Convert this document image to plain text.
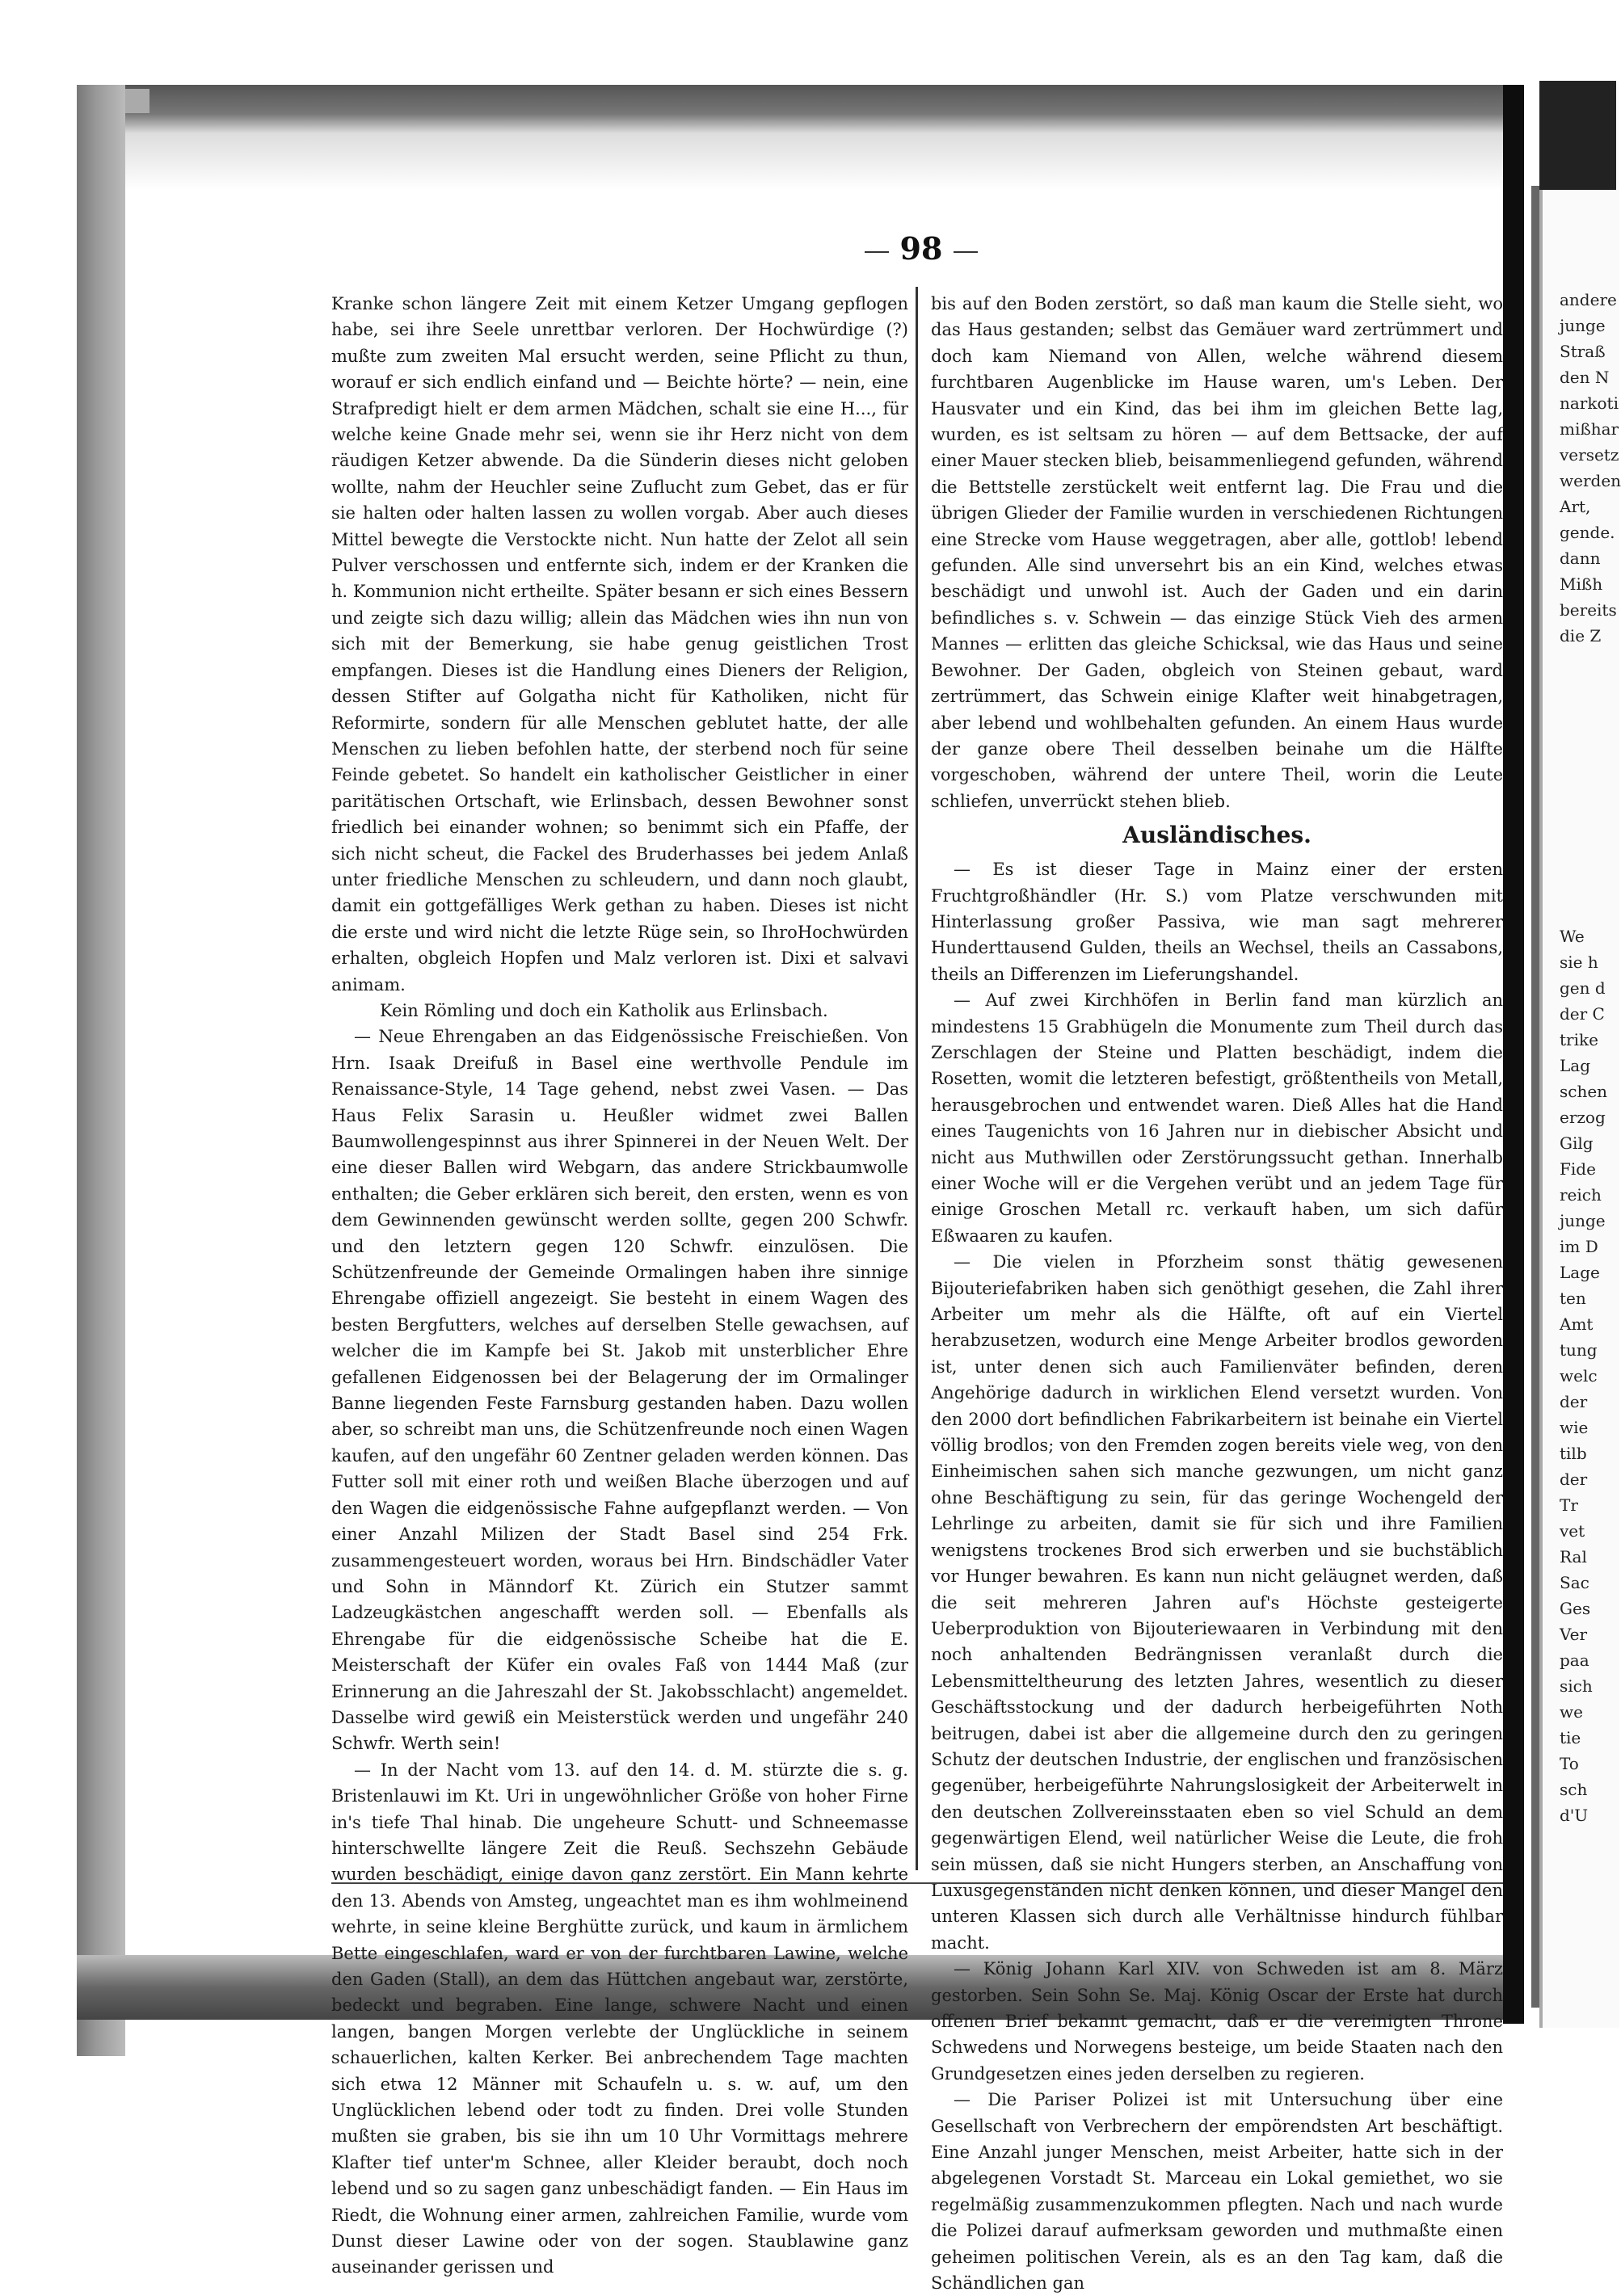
98

Kranke schon längere Zeit mit einem Ketzer Umgang gepflogen habe, sei ihre Seele unrettbar verloren. Der Hochwürdige (?) mußte zum zweiten Mal ersucht werden, seine Pflicht zu thun, worauf er sich endlich einfand und — Beichte hörte? — nein, eine Strafpredigt hielt er dem armen Mädchen, schalt sie eine H..., für welche keine Gnade mehr sei, wenn sie ihr Herz nicht von dem räudigen Ketzer abwende. Da die Sünderin dieses nicht geloben wollte, nahm der Heuchler seine Zuflucht zum Gebet, das er für sie halten oder halten lassen zu wollen vorgab. Aber auch dieses Mittel bewegte die Verstockte nicht. Nun hatte der Zelot all sein Pulver verschossen und entfernte sich, indem er der Kranken die h. Kommunion nicht ertheilte. Später besann er sich eines Bessern und zeigte sich dazu willig; allein das Mädchen wies ihn nun von sich mit der Bemerkung, sie habe genug geistlichen Trost empfangen. Dieses ist die Handlung eines Dieners der Religion, dessen Stifter auf Golgatha nicht für Katholiken, nicht für Reformirte, sondern für alle Menschen geblutet hatte, der alle Menschen zu lieben befohlen hatte, der sterbend noch für seine Feinde gebetet. So handelt ein katholischer Geistlicher in einer paritätischen Ortschaft, wie Erlinsbach, dessen Bewohner sonst friedlich bei einander wohnen; so benimmt sich ein Pfaffe, der sich nicht scheut, die Fackel des Bruderhasses bei jedem Anlaß unter friedliche Menschen zu schleudern, und dann noch glaubt, damit ein gottgefälliges Werk gethan zu haben. Dieses ist nicht die erste und wird nicht die letzte Rüge sein, so IhroHochwürden erhalten, obgleich Hopfen und Malz verloren ist. Dixi et salvavi animam.

Kein Römling und doch ein Katholik aus Erlinsbach.

— Neue Ehrengaben an das Eidgenössische Freischießen. Von Hrn. Isaak Dreifuß in Basel eine werthvolle Pendule im Renaissance-Style, 14 Tage gehend, nebst zwei Vasen. — Das Haus Felix Sarasin u. Heußler widmet zwei Ballen Baumwollengespinnst aus ihrer Spinnerei in der Neuen Welt. Der eine dieser Ballen wird Webgarn, das andere Strickbaumwolle enthalten; die Geber erklären sich bereit, den ersten, wenn es von dem Gewinnenden gewünscht werden sollte, gegen 200 Schwfr. und den letztern gegen 120 Schwfr. einzulösen. Die Schützenfreunde der Gemeinde Ormalingen haben ihre sinnige Ehrengabe offiziell angezeigt. Sie besteht in einem Wagen des besten Bergfutters, welches auf derselben Stelle gewachsen, auf welcher die im Kampfe bei St. Jakob mit unsterblicher Ehre gefallenen Eidgenossen bei der Belagerung der im Ormalinger Banne liegenden Feste Farnsburg gestanden haben. Dazu wollen aber, so schreibt man uns, die Schützenfreunde noch einen Wagen kaufen, auf den ungefähr 60 Zentner geladen werden können. Das Futter soll mit einer roth und weißen Blache überzogen und auf den Wagen die eidgenössische Fahne aufgepflanzt werden. — Von einer Anzahl Milizen der Stadt Basel sind 254 Frk. zusammengesteuert worden, woraus bei Hrn. Bindschädler Vater und Sohn in Männdorf Kt. Zürich ein Stutzer sammt Ladzeugkästchen angeschafft werden soll. — Ebenfalls als Ehrengabe für die eidgenössische Scheibe hat die E. Meisterschaft der Küfer ein ovales Faß von 1444 Maß (zur Erinnerung an die Jahreszahl der St. Jakobsschlacht) angemeldet. Dasselbe wird gewiß ein Meisterstück werden und ungefähr 240 Schwfr. Werth sein!

— In der Nacht vom 13. auf den 14. d. M. stürzte die s. g. Bristenlauwi im Kt. Uri in ungewöhnlicher Größe von hoher Firne in's tiefe Thal hinab. Die ungeheure Schutt- und Schneemasse hinterschwellte längere Zeit die Reuß. Sechszehn Gebäude wurden beschädigt, einige davon ganz zerstört. Ein Mann kehrte den 13. Abends von Amsteg, ungeachtet man es ihm wohlmeinend wehrte, in seine kleine Berghütte zurück, und kaum in ärmlichem Bette eingeschlafen, ward er von der furchtbaren Lawine, welche den Gaden (Stall), an dem das Hüttchen angebaut war, zerstörte, bedeckt und begraben. Eine lange, schwere Nacht und einen langen, bangen Morgen verlebte der Unglückliche in seinem schauerlichen, kalten Kerker. Bei anbrechendem Tage machten sich etwa 12 Männer mit Schaufeln u. s. w. auf, um den Unglücklichen lebend oder todt zu finden. Drei volle Stunden mußten sie graben, bis sie ihn um 10 Uhr Vormittags mehrere Klafter tief unter'm Schnee, aller Kleider beraubt, doch noch lebend und so zu sagen ganz unbeschädigt fanden. — Ein Haus im Riedt, die Wohnung einer armen, zahlreichen Familie, wurde vom Dunst dieser Lawine oder von der sogen. Staublawine ganz auseinander gerissen und

bis auf den Boden zerstört, so daß man kaum die Stelle sieht, wo das Haus gestanden; selbst das Gemäuer ward zertrümmert und doch kam Niemand von Allen, welche während diesem furchtbaren Augenblicke im Hause waren, um's Leben. Der Hausvater und ein Kind, das bei ihm im gleichen Bette lag, wurden, es ist seltsam zu hören — auf dem Bettsacke, der auf einer Mauer stecken blieb, beisammenliegend gefunden, während die Bettstelle zerstückelt weit entfernt lag. Die Frau und die übrigen Glieder der Familie wurden in verschiedenen Richtungen eine Strecke vom Hause weggetragen, aber alle, gottlob! lebend gefunden. Alle sind unversehrt bis an ein Kind, welches etwas beschädigt und unwohl ist. Auch der Gaden und ein darin befindliches s. v. Schwein — das einzige Stück Vieh des armen Mannes — erlitten das gleiche Schicksal, wie das Haus und seine Bewohner. Der Gaden, obgleich von Steinen gebaut, ward zertrümmert, das Schwein einige Klafter weit hinabgetragen, aber lebend und wohlbehalten gefunden. An einem Haus wurde der ganze obere Theil desselben beinahe um die Hälfte vorgeschoben, während der untere Theil, worin die Leute schliefen, unverrückt stehen blieb.

Ausländisches.

— Es ist dieser Tage in Mainz einer der ersten Fruchtgroßhändler (Hr. S.) vom Platze verschwunden mit Hinterlassung großer Passiva, wie man sagt mehrerer Hunderttausend Gulden, theils an Wechsel, theils an Cassabons, theils an Differenzen im Lieferungshandel.

— Auf zwei Kirchhöfen in Berlin fand man kürzlich an mindestens 15 Grabhügeln die Monumente zum Theil durch das Zerschlagen der Steine und Platten beschädigt, indem die Rosetten, womit die letzteren befestigt, größtentheils von Metall, herausgebrochen und entwendet waren. Dieß Alles hat die Hand eines Taugenichts von 16 Jahren nur in diebischer Absicht und nicht aus Muthwillen oder Zerstörungssucht gethan. Innerhalb einer Woche will er die Vergehen verübt und an jedem Tage für einige Groschen Metall rc. verkauft haben, um sich dafür Eßwaaren zu kaufen.

— Die vielen in Pforzheim sonst thätig gewesenen Bijouteriefabriken haben sich genöthigt gesehen, die Zahl ihrer Arbeiter um mehr als die Hälfte, oft auf ein Viertel herabzusetzen, wodurch eine Menge Arbeiter brodlos geworden ist, unter denen sich auch Familienväter befinden, deren Angehörige dadurch in wirklichen Elend versetzt wurden. Von den 2000 dort befindlichen Fabrikarbeitern ist beinahe ein Viertel völlig brodlos; von den Fremden zogen bereits viele weg, von den Einheimischen sahen sich manche gezwungen, um nicht ganz ohne Beschäftigung zu sein, für das geringe Wochengeld der Lehrlinge zu arbeiten, damit sie für sich und ihre Familien wenigstens trockenes Brod sich erwerben und sie buchstäblich vor Hunger bewahren. Es kann nun nicht geläugnet werden, daß die seit mehreren Jahren auf's Höchste gesteigerte Ueberproduktion von Bijouteriewaaren in Verbindung mit den noch anhaltenden Bedrängnissen veranlaßt durch die Lebensmitteltheurung des letzten Jahres, wesentlich zu dieser Geschäftsstockung und der dadurch herbeigeführten Noth beitrugen, dabei ist aber die allgemeine durch den zu geringen Schutz der deutschen Industrie, der englischen und französischen gegenüber, herbeigeführte Nahrungslosigkeit der Arbeiterwelt in den deutschen Zollvereinsstaaten eben so viel Schuld an dem gegenwärtigen Elend, weil natürlicher Weise die Leute, die froh sein müssen, daß sie nicht Hungers sterben, an Anschaffung von Luxusgegenständen nicht denken können, und dieser Mangel den unteren Klassen sich durch alle Verhältnisse hindurch fühlbar macht.

— König Johann Karl XIV. von Schweden ist am 8. März gestorben. Sein Sohn Se. Maj. König Oscar der Erste hat durch offenen Brief bekannt gemacht, daß er die vereinigten Throne Schwedens und Norwegens besteige, um beide Staaten nach den Grundgesetzen eines jeden derselben zu regieren.

— Die Pariser Polizei ist mit Untersuchung über eine Gesellschaft von Verbrechern der empörendsten Art beschäftigt. Eine Anzahl junger Menschen, meist Arbeiter, hatte sich in der abgelegenen Vorstadt St. Marceau ein Lokal gemiethet, wo sie regelmäßig zusammenzukommen pflegten. Nach und nach wurde die Polizei darauf aufmerksam geworden und muthmaßte einen geheimen politischen Verein, als es an den Tag kam, daß die Schändlichen gan

andere
junge
Straß
den N
narkoti
mißhar
versetz
werden
Art,
gende.
dann
Mißh
bereits
die Z
We
sie h
gen d
der C
trike
Lag
schen
erzog
Gilg
Fide
reich
junge
im D
Lage
ten
Amt
tung
welc
der
wie
tilb
der
Tr
vet
Ral
Sac
Ges
Ver
paa
sich
we
tie
To
sch
d'U
